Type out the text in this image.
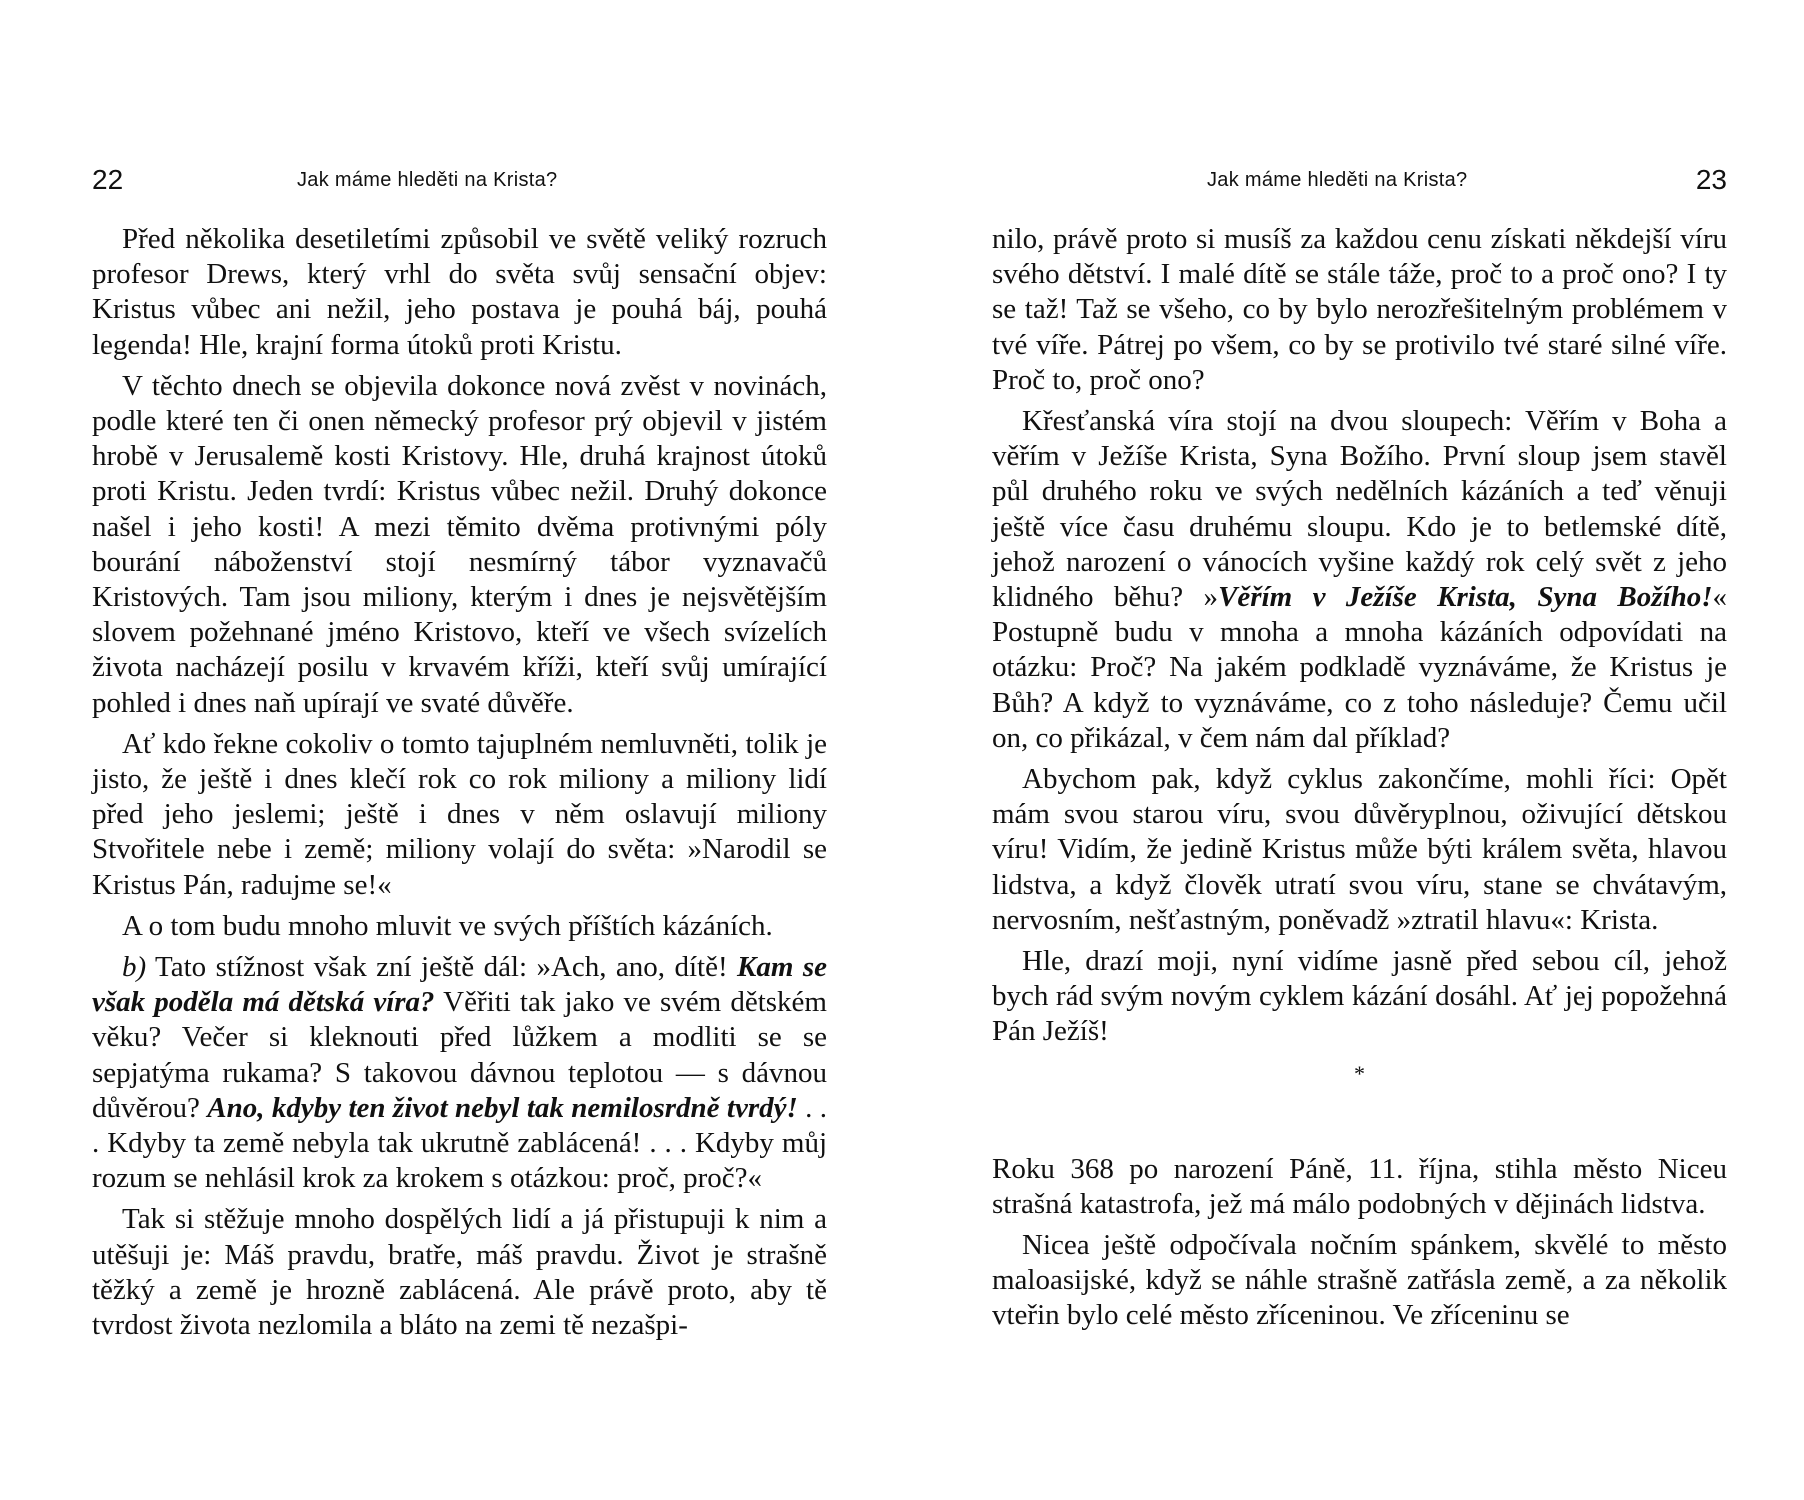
22	Jak máme hleděti na Krista?

Před několika desetiletími způsobil ve světě veliký rozruch profesor Drews, který vrhl do světa svůj sensační objev: Kristus vůbec ani nežil, jeho postava je pouhá báj, pouhá legenda! Hle, krajní forma útoků proti Kristu.

V těchto dnech se objevila dokonce nová zvěst v novinách, podle které ten či onen německý profesor prý objevil v jistém hrobě v Jerusalemě kosti Kristovy. Hle, druhá krajnost útoků proti Kristu. Jeden tvrdí: Kristus vůbec nežil. Druhý dokonce našel i jeho kosti! A mezi těmito dvěma protivnými póly bourání náboženství stojí nesmírný tábor vyznavačů Kristových. Tam jsou miliony, kterým i dnes je nejsvětějším slovem požehnané jméno Kristovo, kteří ve všech svízelích života nacházejí posilu v krvavém kříži, kteří svůj umírající pohled i dnes naň upírají ve svaté důvěře.

Ať kdo řekne cokoliv o tomto tajuplném nemluvněti, tolik je jisto, že ještě i dnes klečí rok co rok miliony a miliony lidí před jeho jeslemi; ještě i dnes v něm oslavují miliony Stvořitele nebe i země; miliony volají do světa: »Narodil se Kristus Pán, radujme se!«

A o tom budu mnoho mluvit ve svých příštích kázáních.

b) Tato stížnost však zní ještě dál: »Ach, ano, dítě! Kam se však poděla má dětská víra? Věřiti tak jako ve svém dětském věku? Večer si kleknouti před lůžkem a modliti se se sepjatýma rukama? S takovou dávnou teplotou — s dávnou důvěrou? Ano, kdyby ten život nebyl tak nemilosrdně tvrdý! . . . Kdyby ta země nebyla tak ukrutně zablácená! . . . Kdyby můj rozum se nehlásil krok za krokem s otázkou: proč, proč?«

Tak si stěžuje mnoho dospělých lidí a já přistupuji k nim a utěšuji je: Máš pravdu, bratře, máš pravdu. Život je strašně těžký a země je hrozně zablácená. Ale právě proto, aby tě tvrdost života nezlomila a bláto na zemi tě nezašpi-

Jak máme hleděti na Krista?	23

nilo, právě proto si musíš za každou cenu získati někdejší víru svého dětství. I malé dítě se stále táže, proč to a proč ono? I ty se taž! Taž se všeho, co by bylo nerozřešitelným problémem v tvé víře. Pátrej po všem, co by se protivilo tvé staré silné víře. Proč to, proč ono?

Křesťanská víra stojí na dvou sloupech: Věřím v Boha a věřím v Ježíše Krista, Syna Božího. První sloup jsem stavěl půl druhého roku ve svých nedělních kázáních a teď věnuji ještě více času druhému sloupu. Kdo je to betlemské dítě, jehož narození o vánocích vyšine každý rok celý svět z jeho klidného běhu? »Věřím v Ježíše Krista, Syna Božího!« Postupně budu v mnoha a mnoha kázáních odpovídati na otázku: Proč? Na jakém podkladě vyznáváme, že Kristus je Bůh? A když to vyznáváme, co z toho následuje? Čemu učil on, co přikázal, v čem nám dal příklad?

Abychom pak, když cyklus zakončíme, mohli říci: Opět mám svou starou víru, svou důvěryplnou, oživující dětskou víru! Vidím, že jedině Kristus může býti králem světa, hlavou lidstva, a když člověk utratí svou víru, stane se chvátavým, nervosním, nešťastným, poněvadž »ztratil hlavu«: Krista.

Hle, drazí moji, nyní vidíme jasně před sebou cíl, jehož bych rád svým novým cyklem kázání dosáhl. Ať jej popožehná Pán Ježíš!

*

Roku 368 po narození Páně, 11. října, stihla město Niceu strašná katastrofa, jež má málo podobných v dějinách lidstva.

Nicea ještě odpočívala nočním spánkem, skvělé to město maloasijské, když se náhle strašně zatřásla země, a za několik vteřin bylo celé město zříceninou. Ve zříceninu se
